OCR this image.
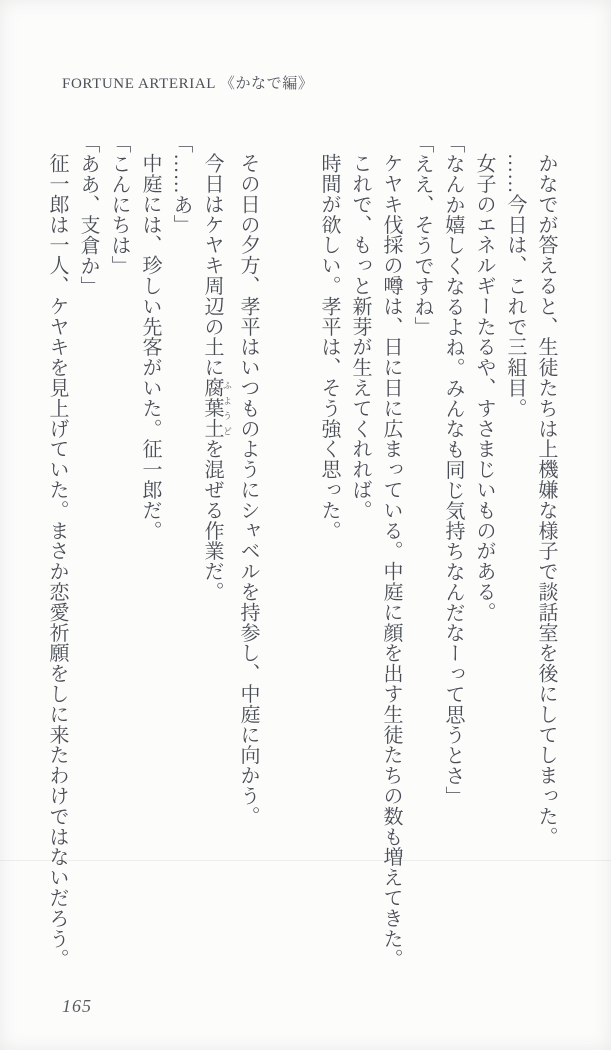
FORTUNE ARTERIAL 《かなで編》

かなでが答えると、生徒たちは上機嫌な様子で談話室を後にしてしまった。

……今日は、これで三組目。

女子のエネルギーたるや、すさまじいものがある。

「なんか嬉しくなるよね。みんなも同じ気持ちなんだなーって思うとさ」

「ええ、そうですね」

ケヤキ伐採の噂は、日に日に広まっている。中庭に顔を出す生徒たちの数も増えてきた。

これで、もっと新芽が生えてくれれば。

時間が欲しい。孝平は、そう強く思った。

その日の夕方、孝平はいつものようにシャベルを持参し、中庭に向かう。

今日はケヤキ周辺の土に腐葉土 ふようどを混ぜる作業だ。

「……あ」

中庭には、珍しい先客がいた。征一郎だ。

「こんにちは」

「ああ、支倉か」

征一郎は一人、ケヤキを見上げていた。まさか恋愛祈願をしに来たわけではないだろう。

165
